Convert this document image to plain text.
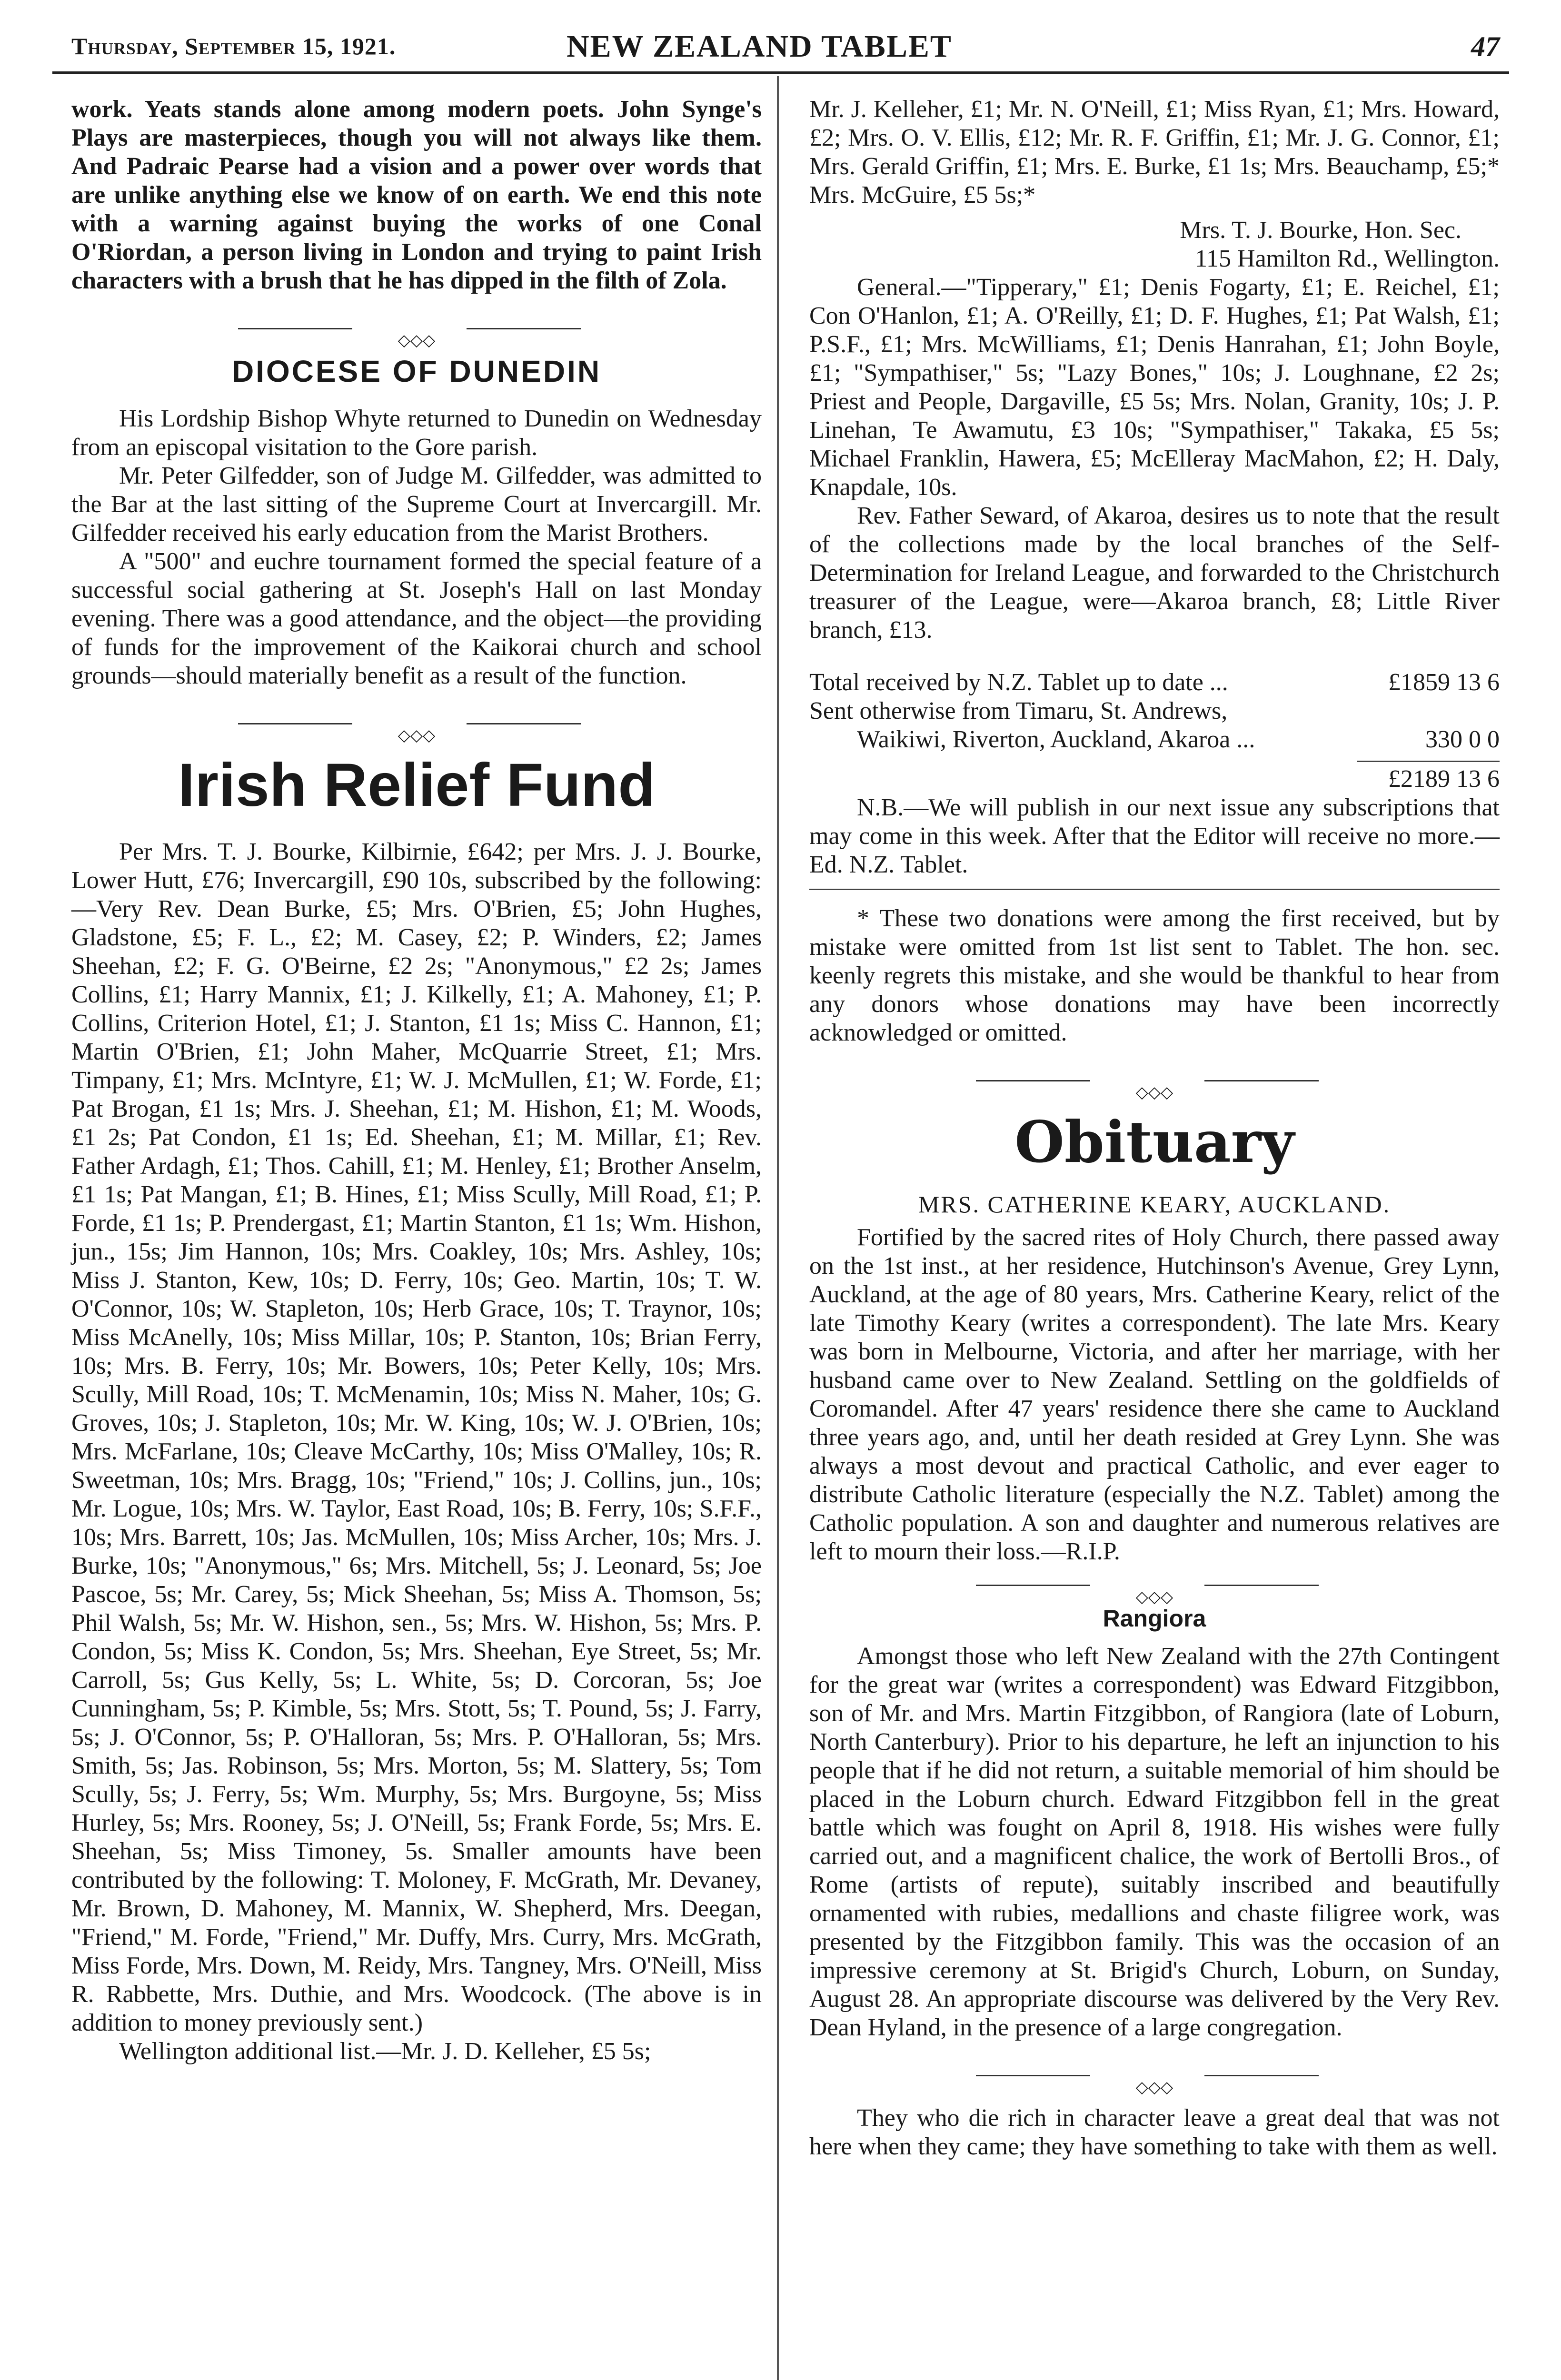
Thursday, September 15, 1921.	NEW ZEALAND TABLET	47

work. Yeats stands alone among modern poets. John Synge's Plays are masterpieces, though you will not always like them. And Padraic Pearse had a vision and a power over words that are unlike anything else we know of on earth. We end this note with a warning against buying the works of one Conal O'Riordan, a person living in London and trying to paint Irish characters with a brush that he has dipped in the filth of Zola.

◇◇◇
DIOCESE OF DUNEDIN

His Lordship Bishop Whyte returned to Dunedin on Wednesday from an episcopal visitation to the Gore parish.

Mr. Peter Gilfedder, son of Judge M. Gilfedder, was admitted to the Bar at the last sitting of the Supreme Court at Invercargill. Mr. Gilfedder received his early education from the Marist Brothers.

A "500" and euchre tournament formed the special feature of a successful social gathering at St. Joseph's Hall on last Monday evening. There was a good attendance, and the object—the providing of funds for the improvement of the Kaikorai church and school grounds—should materially benefit as a result of the function.

◇◇◇
Irish Relief Fund

Per Mrs. T. J. Bourke, Kilbirnie, £642; per Mrs. J. J. Bourke, Lower Hutt, £76; Invercargill, £90 10s, subscribed by the following:—Very Rev. Dean Burke, £5; Mrs. O'Brien, £5; John Hughes, Gladstone, £5; F. L., £2; M. Casey, £2; P. Winders, £2; James Sheehan, £2; F. G. O'Beirne, £2 2s; "Anonymous," £2 2s; James Collins, £1; Harry Mannix, £1; J. Kilkelly, £1; A. Mahoney, £1; P. Collins, Criterion Hotel, £1; J. Stanton, £1 1s; Miss C. Hannon, £1; Martin O'Brien, £1; John Maher, McQuarrie Street, £1; Mrs. Timpany, £1; Mrs. McIntyre, £1; W. J. McMullen, £1; W. Forde, £1; Pat Brogan, £1 1s; Mrs. J. Sheehan, £1; M. Hishon, £1; M. Woods, £1 2s; Pat Condon, £1 1s; Ed. Sheehan, £1; M. Millar, £1; Rev. Father Ardagh, £1; Thos. Cahill, £1; M. Henley, £1; Brother Anselm, £1 1s; Pat Mangan, £1; B. Hines, £1; Miss Scully, Mill Road, £1; P. Forde, £1 1s; P. Prendergast, £1; Martin Stanton, £1 1s; Wm. Hishon, jun., 15s; Jim Hannon, 10s; Mrs. Coakley, 10s; Mrs. Ashley, 10s; Miss J. Stanton, Kew, 10s; D. Ferry, 10s; Geo. Martin, 10s; T. W. O'Connor, 10s; W. Stapleton, 10s; Herb Grace, 10s; T. Traynor, 10s; Miss McAnelly, 10s; Miss Millar, 10s; P. Stanton, 10s; Brian Ferry, 10s; Mrs. B. Ferry, 10s; Mr. Bowers, 10s; Peter Kelly, 10s; Mrs. Scully, Mill Road, 10s; T. McMenamin, 10s; Miss N. Maher, 10s; G. Groves, 10s; J. Stapleton, 10s; Mr. W. King, 10s; W. J. O'Brien, 10s; Mrs. McFarlane, 10s; Cleave McCarthy, 10s; Miss O'Malley, 10s; R. Sweetman, 10s; Mrs. Bragg, 10s; "Friend," 10s; J. Collins, jun., 10s; Mr. Logue, 10s; Mrs. W. Taylor, East Road, 10s; B. Ferry, 10s; S.F.F., 10s; Mrs. Barrett, 10s; Jas. McMullen, 10s; Miss Archer, 10s; Mrs. J. Burke, 10s; "Anonymous," 6s; Mrs. Mitchell, 5s; J. Leonard, 5s; Joe Pascoe, 5s; Mr. Carey, 5s; Mick Sheehan, 5s; Miss A. Thomson, 5s; Phil Walsh, 5s; Mr. W. Hishon, sen., 5s; Mrs. W. Hishon, 5s; Mrs. P. Condon, 5s; Miss K. Condon, 5s; Mrs. Sheehan, Eye Street, 5s; Mr. Carroll, 5s; Gus Kelly, 5s; L. White, 5s; D. Corcoran, 5s; Joe Cunningham, 5s; P. Kimble, 5s; Mrs. Stott, 5s; T. Pound, 5s; J. Farry, 5s; J. O'Connor, 5s; P. O'Halloran, 5s; Mrs. P. O'Halloran, 5s; Mrs. Smith, 5s; Jas. Robinson, 5s; Mrs. Morton, 5s; M. Slattery, 5s; Tom Scully, 5s; J. Ferry, 5s; Wm. Murphy, 5s; Mrs. Burgoyne, 5s; Miss Hurley, 5s; Mrs. Rooney, 5s; J. O'Neill, 5s; Frank Forde, 5s; Mrs. E. Sheehan, 5s; Miss Timoney, 5s. Smaller amounts have been contributed by the following: T. Moloney, F. McGrath, Mr. Devaney, Mr. Brown, D. Mahoney, M. Mannix, W. Shepherd, Mrs. Deegan, "Friend," M. Forde, "Friend," Mr. Duffy, Mrs. Curry, Mrs. McGrath, Miss Forde, Mrs. Down, M. Reidy, Mrs. Tangney, Mrs. O'Neill, Miss R. Rabbette, Mrs. Duthie, and Mrs. Woodcock. (The above is in addition to money previously sent.)

Wellington additional list.—Mr. J. D. Kelleher, £5 5s;

Mr. J. Kelleher, £1; Mr. N. O'Neill, £1; Miss Ryan, £1; Mrs. Howard, £2; Mrs. O. V. Ellis, £12; Mr. R. F. Griffin, £1; Mr. J. G. Connor, £1; Mrs. Gerald Griffin, £1; Mrs. E. Burke, £1 1s; Mrs. Beauchamp, £5;* Mrs. McGuire, £5 5s;*

Mrs. T. J. Bourke, Hon. Sec.
115 Hamilton Rd., Wellington.

General.—"Tipperary," £1; Denis Fogarty, £1; E. Reichel, £1; Con O'Hanlon, £1; A. O'Reilly, £1; D. F. Hughes, £1; Pat Walsh, £1; P.S.F., £1; Mrs. McWilliams, £1; Denis Hanrahan, £1; John Boyle, £1; "Sympathiser," 5s; "Lazy Bones," 10s; J. Loughnane, £2 2s; Priest and People, Dargaville, £5 5s; Mrs. Nolan, Granity, 10s; J. P. Linehan, Te Awamutu, £3 10s; "Sympathiser," Takaka, £5 5s; Michael Franklin, Hawera, £5; McElleray MacMahon, £2; H. Daly, Knapdale, 10s.

Rev. Father Seward, of Akaroa, desires us to note that the result of the collections made by the local branches of the Self-Determination for Ireland League, and forwarded to the Christchurch treasurer of the League, were—Akaroa branch, £8; Little River branch, £13.

Total received by N.Z. Tablet up to date ...	£1859 13 6
Sent otherwise from Timaru, St. Andrews,
Waikiwi, Riverton, Auckland, Akaroa ...	330 0 0
£2189 13 6

N.B.—We will publish in our next issue any subscriptions that may come in this week. After that the Editor will receive no more.—Ed. N.Z. Tablet.

* These two donations were among the first received, but by mistake were omitted from 1st list sent to Tablet. The hon. sec. keenly regrets this mistake, and she would be thankful to hear from any donors whose donations may have been incorrectly acknowledged or omitted.

◇◇◇
Obituary
MRS. CATHERINE KEARY, AUCKLAND.

Fortified by the sacred rites of Holy Church, there passed away on the 1st inst., at her residence, Hutchinson's Avenue, Grey Lynn, Auckland, at the age of 80 years, Mrs. Catherine Keary, relict of the late Timothy Keary (writes a correspondent). The late Mrs. Keary was born in Melbourne, Victoria, and after her marriage, with her husband came over to New Zealand. Settling on the goldfields of Coromandel. After 47 years' residence there she came to Auckland three years ago, and, until her death resided at Grey Lynn. She was always a most devout and practical Catholic, and ever eager to distribute Catholic literature (especially the N.Z. Tablet) among the Catholic population. A son and daughter and numerous relatives are left to mourn their loss.—R.I.P.

◇◇◇
Rangiora

Amongst those who left New Zealand with the 27th Contingent for the great war (writes a correspondent) was Edward Fitzgibbon, son of Mr. and Mrs. Martin Fitzgibbon, of Rangiora (late of Loburn, North Canterbury). Prior to his departure, he left an injunction to his people that if he did not return, a suitable memorial of him should be placed in the Loburn church. Edward Fitzgibbon fell in the great battle which was fought on April 8, 1918. His wishes were fully carried out, and a magnificent chalice, the work of Bertolli Bros., of Rome (artists of repute), suitably inscribed and beautifully ornamented with rubies, medallions and chaste filigree work, was presented by the Fitzgibbon family. This was the occasion of an impressive ceremony at St. Brigid's Church, Loburn, on Sunday, August 28. An appropriate discourse was delivered by the Very Rev. Dean Hyland, in the presence of a large congregation.

◇◇◇

They who die rich in character leave a great deal that was not here when they came; they have something to take with them as well.
